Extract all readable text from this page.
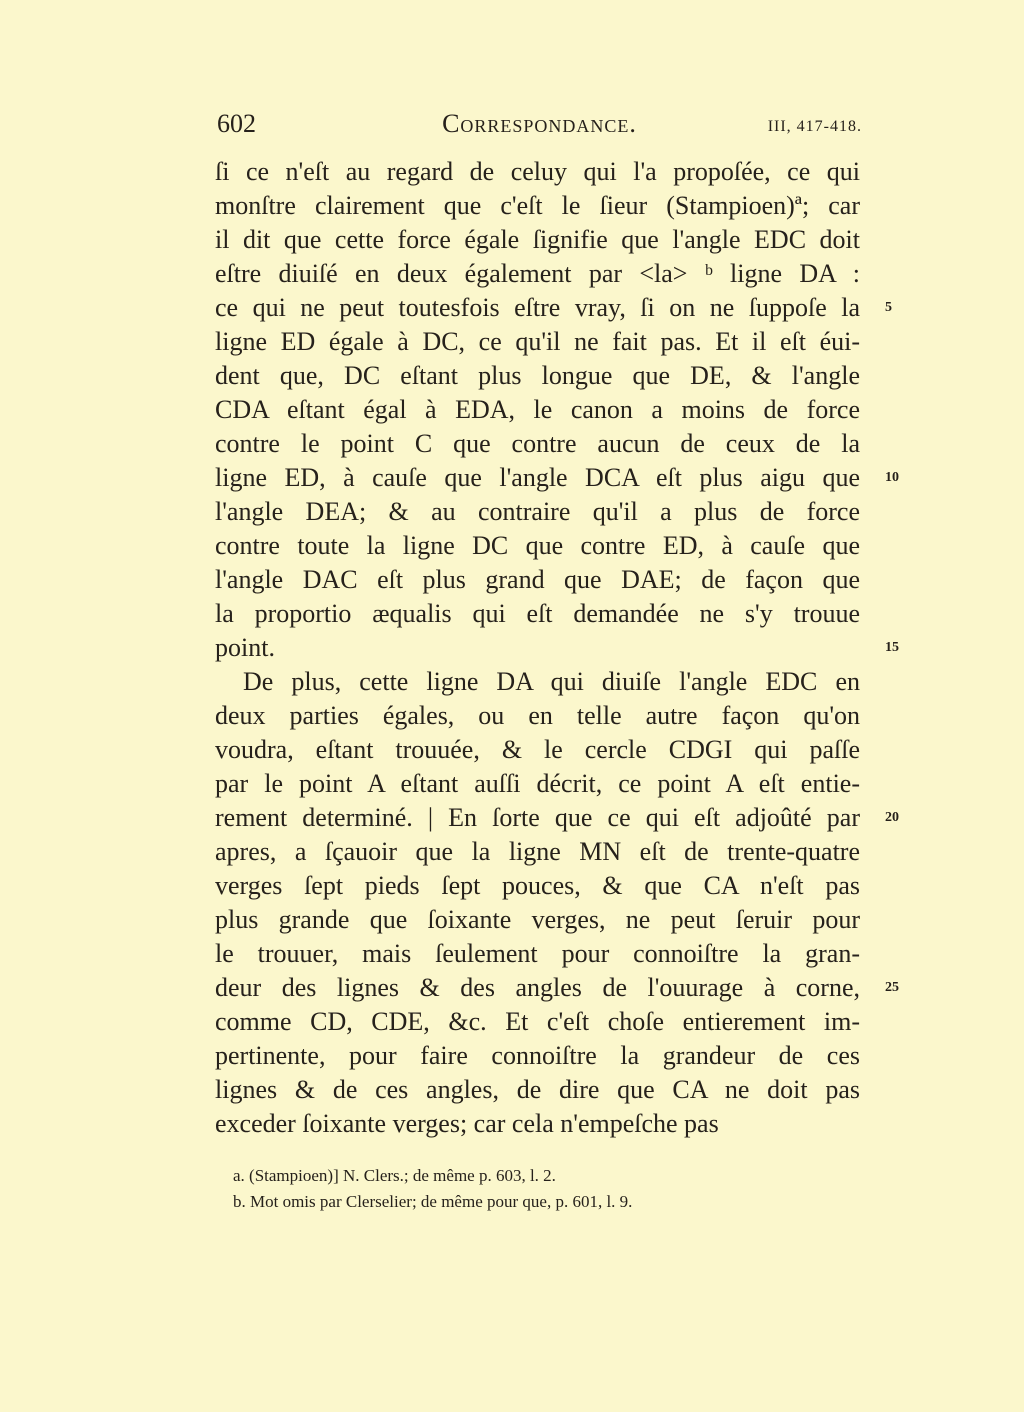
602	Correspondance.	III, 417-418.
ſi ce n'eſt au regard de celuy qui l'a propoſée, ce qui
monſtre clairement que c'eſt le ſieur (Stampioen)ª; car
il dit que cette force égale ſignifie que l'angle EDC doit
eſtre diuiſé en deux également par <la> ᵇ ligne DA :
ce qui ne peut toutesfois eſtre vray, ſi on ne ſuppoſe la 5
ligne ED égale à DC, ce qu'il ne fait pas. Et il eſt éui-
dent que, DC eſtant plus longue que DE, & l'angle
CDA eſtant égal à EDA, le canon a moins de force
contre le point C que contre aucun de ceux de la
ligne ED, à cauſe que l'angle DCA eſt plus aigu que 10
l'angle DEA; & au contraire qu'il a plus de force
contre toute la ligne DC que contre ED, à cauſe que
l'angle DAC eſt plus grand que DAE; de façon que
la proportio æqualis qui eſt demandée ne s'y trouue
point.	15
De plus, cette ligne DA qui diuiſe l'angle EDC en
deux parties égales, ou en telle autre façon qu'on
voudra, eſtant trouuée, & le cercle CDGI qui paſſe
par le point A eſtant auſſi décrit, ce point A eſt entie-
rement determiné. | En ſorte que ce qui eſt adjoûté par 20
apres, a ſçauoir que la ligne MN eſt de trente-quatre
verges ſept pieds ſept pouces, & que CA n'eſt pas
plus grande que ſoixante verges, ne peut ſeruir pour
le trouuer, mais ſeulement pour connoiſtre la gran-
deur des lignes & des angles de l'ouurage à corne, 25
comme CD, CDE, &c. Et c'eſt choſe entierement im-
pertinente, pour faire connoiſtre la grandeur de ces
lignes & de ces angles, de dire que CA ne doit pas
exceder ſoixante verges; car cela n'empeſche pas
a. (Stampioen)] N. Clers.; de même p. 603, l. 2.
b. Mot omis par Clerselier; de même pour que, p. 601, l. 9.
